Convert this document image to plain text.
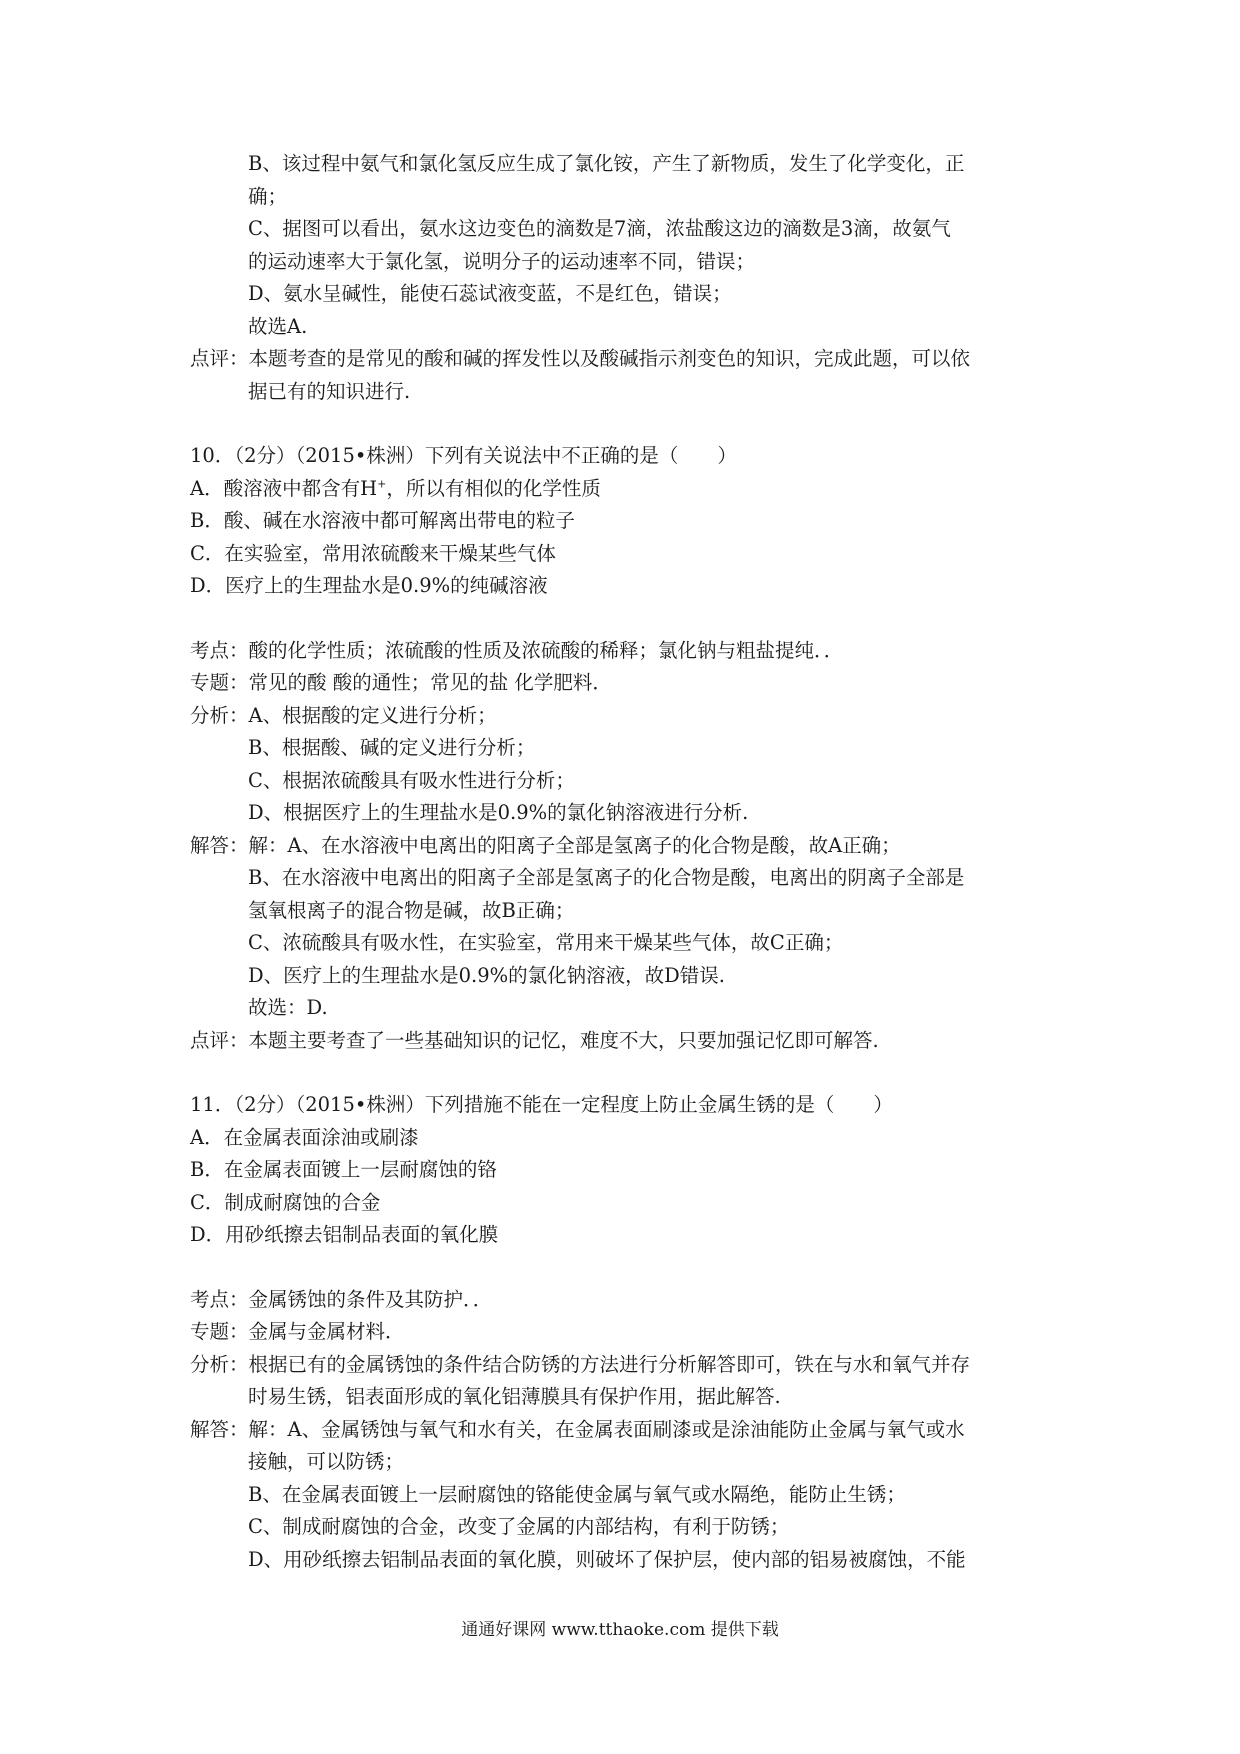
B、该过程中氨气和氯化氢反应生成了氯化铵，产生了新物质，发生了化学变化，正
确；
C、据图可以看出，氨水这边变色的滴数是7滴，浓盐酸这边的滴数是3滴，故氨气
的运动速率大于氯化氢，说明分子的运动速率不同，错误；
D、氨水呈碱性，能使石蕊试液变蓝，不是红色，错误；
故选A.
点评：本题考查的是常见的酸和碱的挥发性以及酸碱指示剂变色的知识，完成此题，可以依
据已有的知识进行.
10．（2分）（2015•株洲）下列有关说法中不正确的是（　　）
A．酸溶液中都含有H+，所以有相似的化学性质
B．酸、碱在水溶液中都可解离出带电的粒子
C．在实验室，常用浓硫酸来干燥某些气体
D．医疗上的生理盐水是0.9%的纯碱溶液
考点：酸的化学性质；浓硫酸的性质及浓硫酸的稀释；氯化钠与粗盐提纯．．
专题：常见的酸 酸的通性；常见的盐 化学肥料．
分析：A、根据酸的定义进行分析；
B、根据酸、碱的定义进行分析；
C、根据浓硫酸具有吸水性进行分析；
D、根据医疗上的生理盐水是0.9%的氯化钠溶液进行分析.
解答：解：A、在水溶液中电离出的阳离子全部是氢离子的化合物是酸，故A正确；
B、在水溶液中电离出的阳离子全部是氢离子的化合物是酸，电离出的阴离子全部是
氢氧根离子的混合物是碱，故B正确；
C、浓硫酸具有吸水性，在实验室，常用来干燥某些气体，故C正确；
D、医疗上的生理盐水是0.9%的氯化钠溶液，故D错误.
故选：D.
点评：本题主要考查了一些基础知识的记忆，难度不大，只要加强记忆即可解答.
11．（2分）（2015•株洲）下列措施不能在一定程度上防止金属生锈的是（　　）
A．在金属表面涂油或刷漆
B．在金属表面镀上一层耐腐蚀的铬
C．制成耐腐蚀的合金
D．用砂纸擦去铝制品表面的氧化膜
考点：金属锈蚀的条件及其防护．．
专题：金属与金属材料．
分析：根据已有的金属锈蚀的条件结合防锈的方法进行分析解答即可，铁在与水和氧气并存
时易生锈，铝表面形成的氧化铝薄膜具有保护作用，据此解答.
解答：解：A、金属锈蚀与氧气和水有关，在金属表面刷漆或是涂油能防止金属与氧气或水
接触，可以防锈；
B、在金属表面镀上一层耐腐蚀的铬能使金属与氧气或水隔绝，能防止生锈；
C、制成耐腐蚀的合金，改变了金属的内部结构，有利于防锈；
D、用砂纸擦去铝制品表面的氧化膜，则破坏了保护层，使内部的铝易被腐蚀，不能
通通好课网 www.tthaoke.com 提供下载
